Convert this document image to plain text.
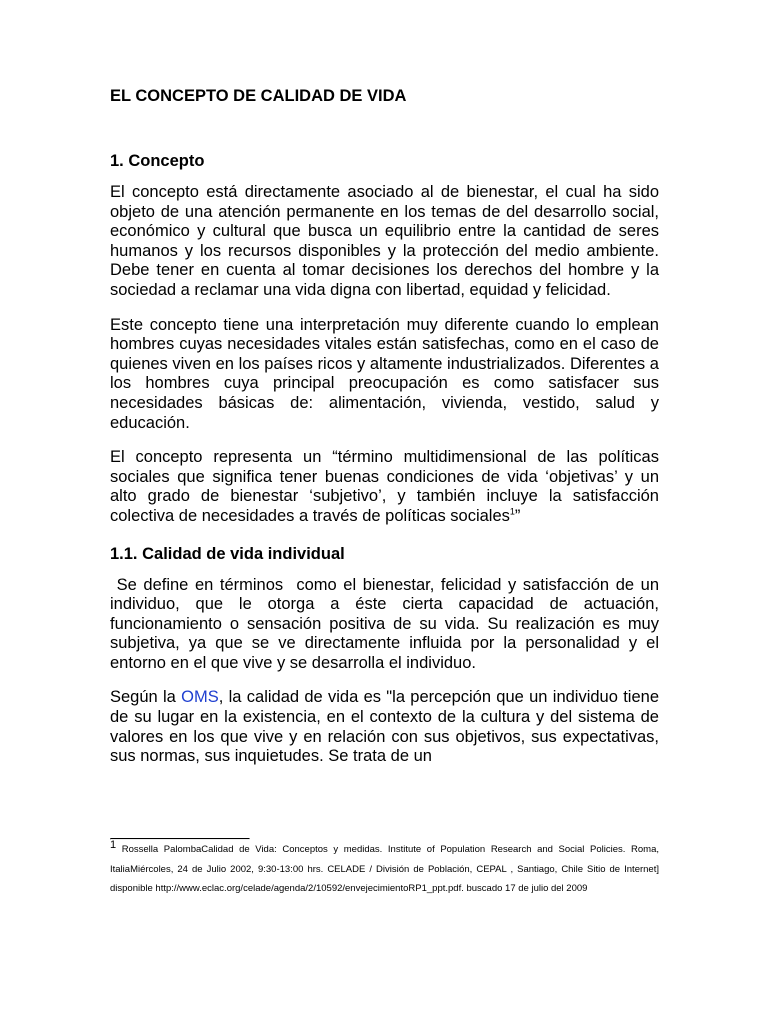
EL CONCEPTO DE CALIDAD DE VIDA
1. Concepto

El concepto está directamente asociado al de bienestar, el cual ha sido objeto de una atención permanente en los temas de del desarrollo social, económico y cultural que busca un equilibrio entre la cantidad de seres humanos y los recursos disponibles y la protección del medio ambiente. Debe tener en cuenta al tomar decisiones los derechos del hombre y la sociedad a reclamar una vida digna con libertad, equidad y felicidad.

Este concepto tiene una interpretación muy diferente cuando lo emplean hombres cuyas necesidades vitales están satisfechas, como en el caso de quienes viven en los países ricos y altamente industrializados. Diferentes a los hombres cuya principal preocupación es como satisfacer sus necesidades básicas de: alimentación, vivienda, vestido, salud y educación.

El concepto representa un “término multidimensional de las políticas sociales que significa tener buenas condiciones de vida ‘objetivas’ y un alto grado de bienestar ‘subjetivo’, y también incluye la satisfacción colectiva de necesidades a través de políticas sociales$^1$”

1.1. Calidad de vida individual

Se define en términos  como el bienestar, felicidad y satisfacción de un individuo, que le otorga a éste cierta capacidad de actuación, funcionamiento o sensación positiva de su vida. Su realización es muy subjetiva, ya que se ve directamente influida por la personalidad y el entorno en el que vive y se desarrolla el individuo.

Según la OMS, la calidad de vida es "la percepción que un individuo tiene de su lugar en la existencia, en el contexto de la cultura y del sistema de valores en los que vive y en relación con sus objetivos, sus expectativas, sus normas, sus inquietudes. Se trata de un

1 Rossella PalombaCalidad de Vida: Conceptos y medidas. Institute of Population Research and Social Policies. Roma, ItaliaMiércoles, 24 de Julio 2002, 9:30-13:00 hrs. CELADE / División de Población, CEPAL , Santiago, Chile Sitio de Internet] disponible http://www.eclac.org/celade/agenda/2/10592/envejecimientoRP1_ppt.pdf. buscado 17 de julio del 2009
